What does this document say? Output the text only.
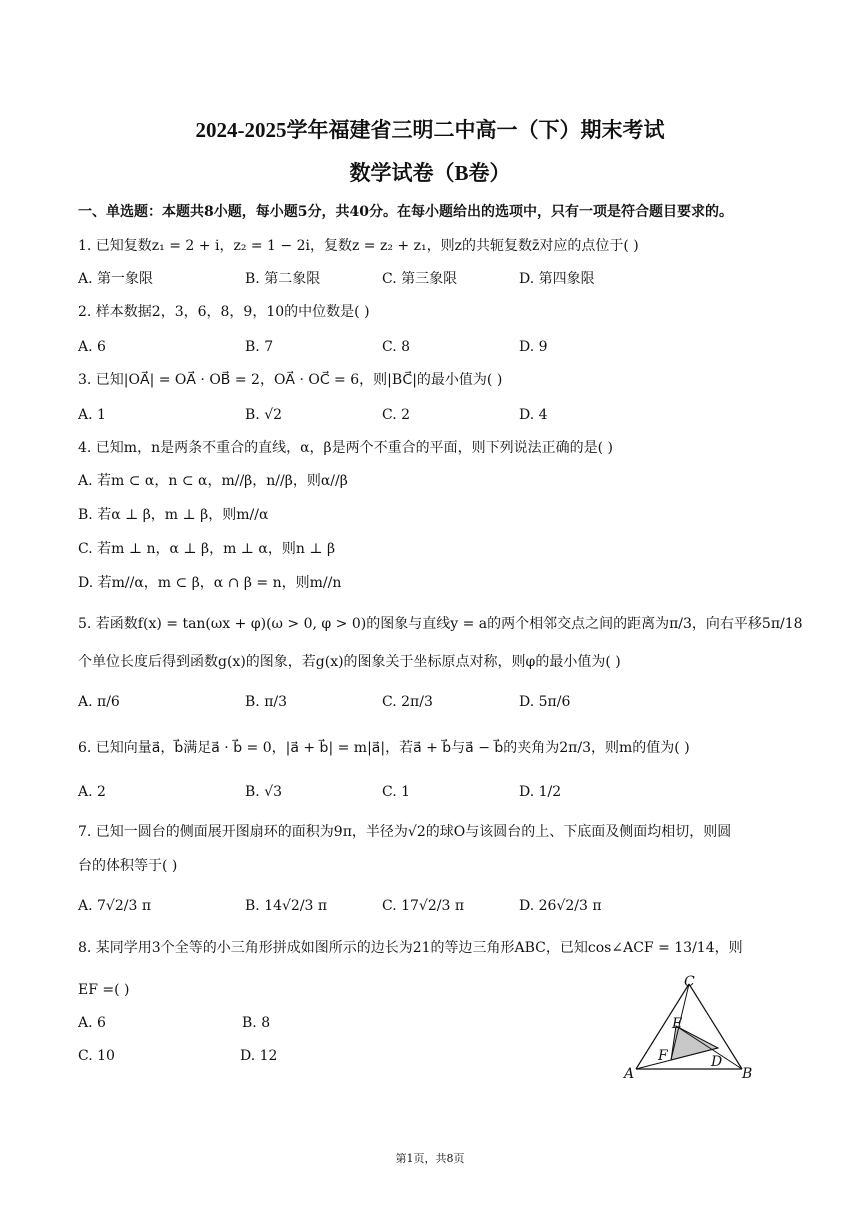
2024-2025学年福建省三明二中高一（下）期末考试
数学试卷（B卷）
一、单选题：本题共8小题，每小题5分，共40分。在每小题给出的选项中，只有一项是符合题目要求的。
1. 已知复数z₁ = 2 + i，z₂ = 1 − 2i，复数z = z₂ + z₁，则z的共轭复数z̄对应的点位于( )
A. 第一象限	B. 第二象限	C. 第三象限	D. 第四象限
2. 样本数据2，3，6，8，9，10的中位数是( )
A. 6	B. 7	C. 8	D. 9
3. 已知|OA⃗| = OA⃗ · OB⃗ = 2，OA⃗ · OC⃗ = 6，则|BC⃗|的最小值为( )
A. 1	B. √2	C. 2	D. 4
4. 已知m，n是两条不重合的直线，α，β是两个不重合的平面，则下列说法正确的是( )
A. 若m ⊂ α，n ⊂ α，m//β，n//β，则α//β
B. 若α ⊥ β，m ⊥ β，则m//α
C. 若m ⊥ n，α ⊥ β，m ⊥ α，则n ⊥ β
D. 若m//α，m ⊂ β，α ∩ β = n，则m//n
5. 若函数f(x) = tan(ωx + φ)(ω > 0, φ > 0)的图象与直线y = a的两个相邻交点之间的距离为π/3，向右平移5π/18
个单位长度后得到函数g(x)的图象，若g(x)的图象关于坐标原点对称，则φ的最小值为( )
A. π/6	B. π/3	C. 2π/3	D. 5π/6
6. 已知向量a⃗，b⃗满足a⃗ · b⃗ = 0，|a⃗ + b⃗| = m|a⃗|，若a⃗ + b⃗与a⃗ − b⃗的夹角为2π/3，则m的值为( )
A. 2	B. √3	C. 1	D. 1/2
7. 已知一圆台的侧面展开图扇环的面积为9π，半径为√2的球O与该圆台的上、下底面及侧面均相切，则圆
台的体积等于( )
A. 7√2/3 π	B. 14√2/3 π	C. 17√2/3 π	D. 26√2/3 π
8. 某同学用3个全等的小三角形拼成如图所示的边长为21的等边三角形ABC，已知cos∠ACF = 13/14，则
EF =( )
A. 6	B. 8
C. 10	D. 12
C
E
F	D
A	B
第1页，共8页
